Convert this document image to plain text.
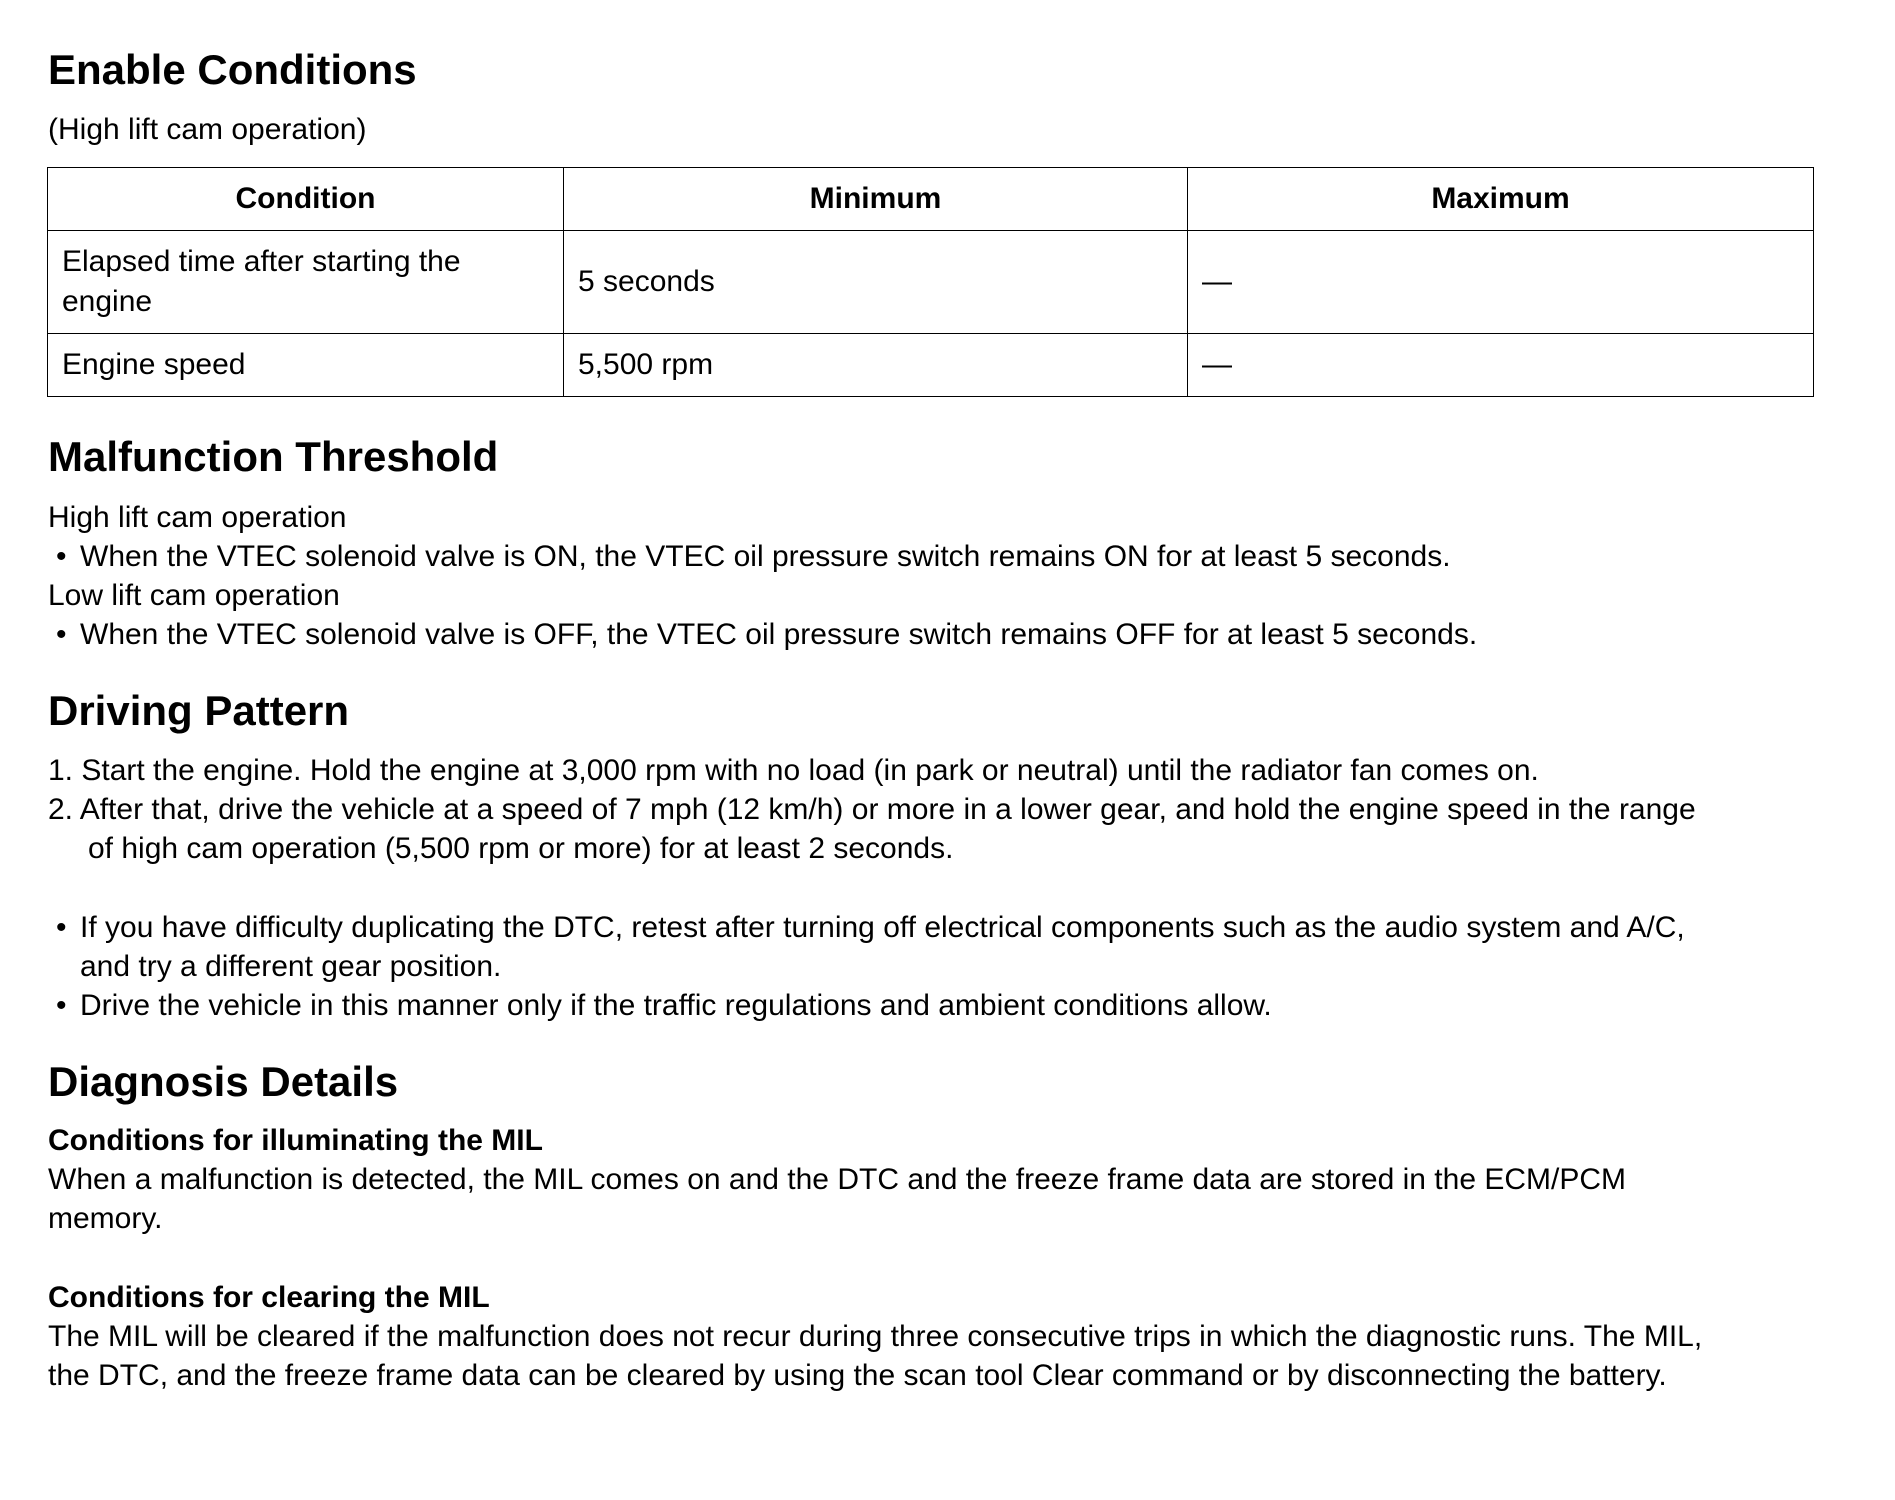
Enable Conditions
(High lift cam operation)
Condition	Minimum	Maximum
Elapsed time after starting the engine	5 seconds	—
Engine speed	5,500 rpm	—
Malfunction Threshold
High lift cam operation
• When the VTEC solenoid valve is ON, the VTEC oil pressure switch remains ON for at least 5 seconds.
Low lift cam operation
• When the VTEC solenoid valve is OFF, the VTEC oil pressure switch remains OFF for at least 5 seconds.
Driving Pattern
1. Start the engine. Hold the engine at 3,000 rpm with no load (in park or neutral) until the radiator fan comes on.
2. After that, drive the vehicle at a speed of 7 mph (12 km/h) or more in a lower gear, and hold the engine speed in the range
of high cam operation (5,500 rpm or more) for at least 2 seconds.
• If you have difficulty duplicating the DTC, retest after turning off electrical components such as the audio system and A/C,
and try a different gear position.
• Drive the vehicle in this manner only if the traffic regulations and ambient conditions allow.
Diagnosis Details
Conditions for illuminating the MIL
When a malfunction is detected, the MIL comes on and the DTC and the freeze frame data are stored in the ECM/PCM
memory.
Conditions for clearing the MIL
The MIL will be cleared if the malfunction does not recur during three consecutive trips in which the diagnostic runs. The MIL,
the DTC, and the freeze frame data can be cleared by using the scan tool Clear command or by disconnecting the battery.
